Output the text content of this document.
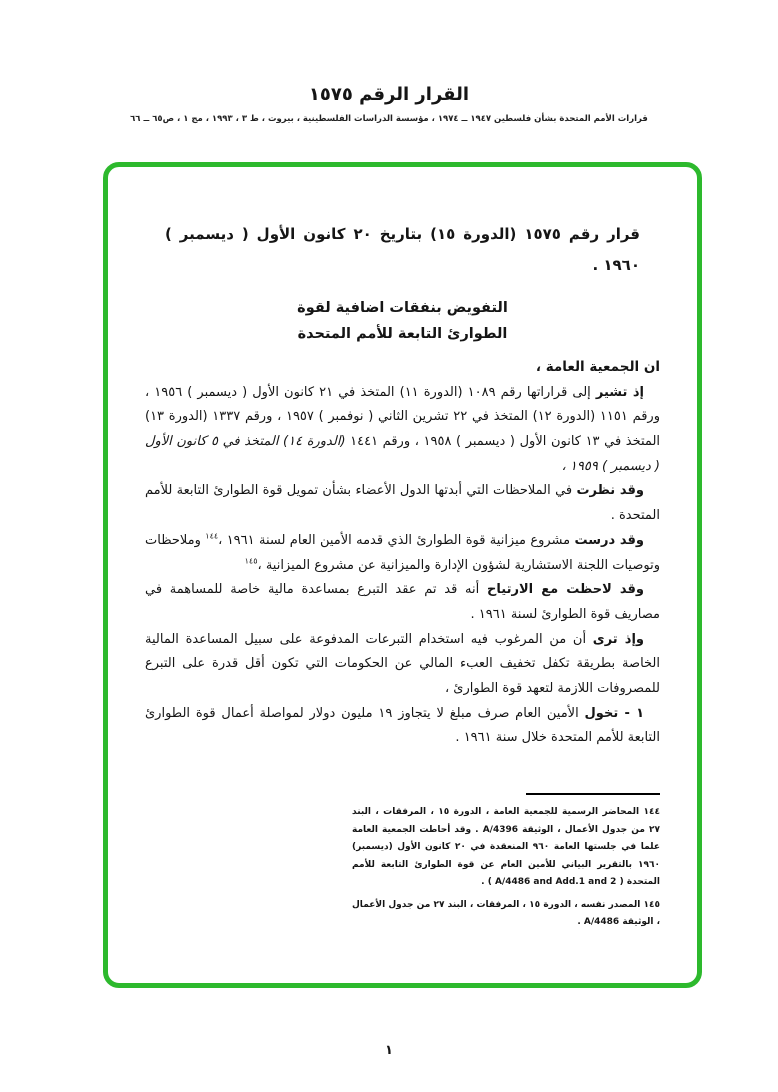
القرار الرقم ١٥٧٥
قرارات الأمم المتحدة بشأن فلسطين ١٩٤٧ ــ ١٩٧٤ ، مؤسسة الدراسات الفلسطينية ، بيروت ، ط ٣ ، ١٩٩٣ ، مج ١ ، ص٦٥ ــ ٦٦

قرار رقم ١٥٧٥ (الدورة ١٥) بتاريخ ٢٠ كانون الأول ( ديسمبر ) ١٩٦٠ .

التفويض بنفقات اضافية لقوة
الطوارئ التابعة للأمم المتحدة

ان الجمعية العامة ،

إذ تشير إلى قراراتها رقم ١٠٨٩ (الدورة ١١) المتخذ في ٢١ كانون الأول ( ديسمبر ) ١٩٥٦ ، ورقم ١١٥١ (الدورة ١٢) المتخذ في ٢٢ تشرين الثاني ( نوفمبر ) ١٩٥٧ ، ورقم ١٣٣٧ (الدورة ١٣) المتخذ في ١٣ كانون الأول ( ديسمبر ) ١٩٥٨ ، ورقم ١٤٤١ (الدورة ١٤) المتخذ في ٥ كانون الأول ( ديسمبر ) ١٩٥٩ ،

وقد نظرت في الملاحظات التي أبدتها الدول الأعضاء بشأن تمويل قوة الطوارئ التابعة للأمم المتحدة .

وقد درست مشروع ميزانية قوة الطوارئ الذي قدمه الأمين العام لسنة ١٩٦١ ،$^{١٤٤}$ وملاحظات وتوصيات اللجنة الاستشارية لشؤون الإدارة والميزانية عن مشروع الميزانية ،$^{١٤٥}$

وقد لاحظت مع الارتياح أنه قد تم عقد التبرع بمساعدة مالية خاصة للمساهمة في مصاريف قوة الطوارئ لسنة ١٩٦١ .

وإذ ترى أن من المرغوب فيه استخدام التبرعات المدفوعة على سبيل المساعدة المالية الخاصة بطريقة تكفل تخفيف العبء المالي عن الحكومات التي تكون أقل قدرة على التبرع للمصروفات اللازمة لتعهد قوة الطوارئ ،

١ - تخول الأمين العام صرف مبلغ لا يتجاوز ١٩ مليون دولار لمواصلة أعمال قوة الطوارئ التابعة للأمم المتحدة خلال سنة ١٩٦١ .

١٤٤ المحاضر الرسمية للجمعية العامة ، الدورة ١٥ ، المرفقات ، البند ٢٧ من جدول الأعمال ، الوثيقة A/4396 . وقد أحاطت الجمعية العامة علما في جلستها العامة ٩٦٠ المنعقدة في ٢٠ كانون الأول (ديسمبر) ١٩٦٠ بالتقرير البياني للأمين العام عن قوة الطوارئ التابعة للأمم المتحدة ( A/4486 and Add.1 and 2 ) .

١٤٥ المصدر نفسه ، الدورة ١٥ ، المرفقات ، البند ٢٧ من جدول الأعمال ، الوثيقة A/4486 .

١
